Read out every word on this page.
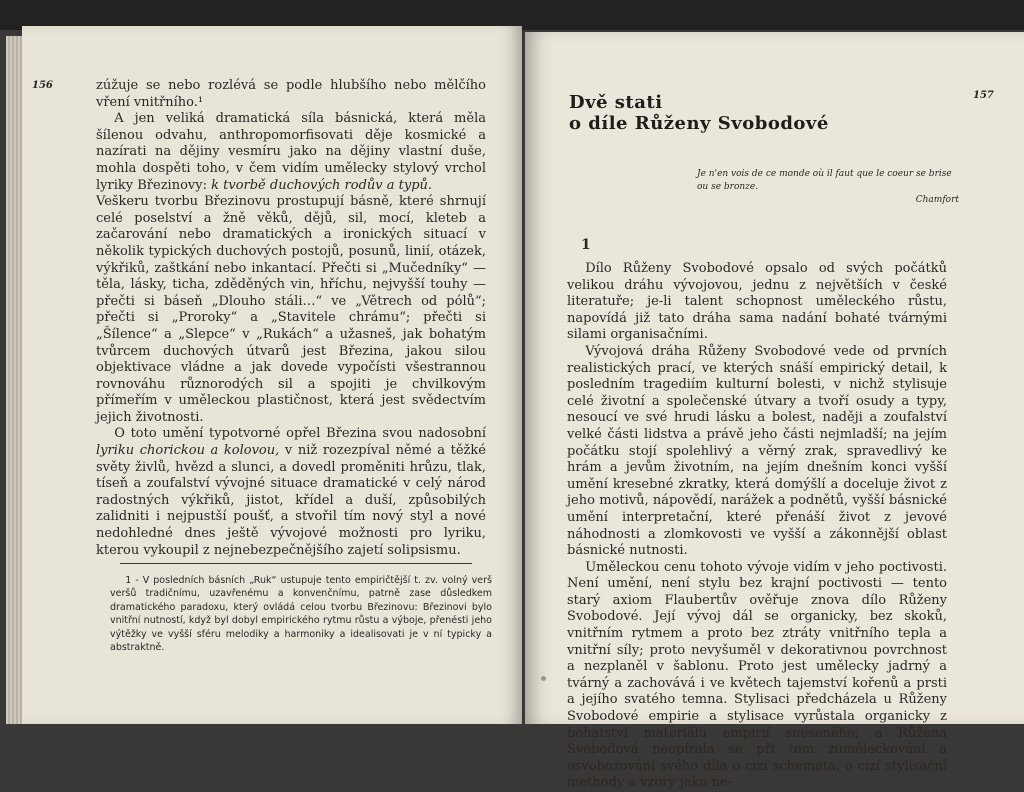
156	zúžuje se nebo rozlévá se podle hlubšího nebo mělčího vření vnitřního.¹

A jen veliká dramatická síla básnická, která měla šílenou odvahu, anthropomorfisovati děje kosmické a nazírati na dějiny vesmíru jako na dějiny vlastní duše, mohla dospěti toho, v čem vidím umělecky stylový vrchol lyriky Březinovy: k tvorbě duchových rodův a typů.

Veškeru tvorbu Březinovu prostupují básně, které shrnují celé poselství a žně věků, dějů, sil, mocí, kleteb a začarování nebo dramatických a ironických situací v několik typických duchových postojů, posunů, linií, otázek, výkřiků, zaštkání nebo inkantací. Přečti si „Mučedníky“ — těla, lásky, ticha, zděděných vin, hříchu, nejvyšší touhy — přečti si báseň „Dlouho stáli…“ ve „Větrech od pólů“; přečti si „Proroky“ a „Stavitele chrámu“; přečti si „Šílence“ a „Slepce“ v „Rukách“ a užasneš, jak bohatým tvůrcem duchových útvarů jest Březina, jakou silou objektivace vládne a jak dovede vypočísti všestrannou rovnováhu různorodých sil a spojiti je chvilkovým přímeřím v uměleckou plastičnost, která jest svědectvím jejich životnosti.

O toto umění typotvorné opřel Březina svou nadosobní lyriku chorickou a kolovou, v niž rozezpíval němé a těžké světy živlů, hvězd a slunci, a dovedl proměniti hrůzu, tlak, tíseň a zoufalství vývojné situace dramatické v celý národ radostných výkřiků, jistot, křídel a duší, způsobilých zalidniti i nejpustší poušť, a stvořil tím nový styl a nové nedohledné dnes ještě vývojové možnosti pro lyriku, kterou vykoupil z nejnebezpečnějšího zajetí solipsismu.

1 - V posledních básních „Ruk“ ustupuje tento empiričtější t. zv. volný verš veršů tradičnímu, uzavřenému a konvenčnímu, patrně zase důsledkem dramatického paradoxu, který ovládá celou tvorbu Březinovu: Březinovi bylo vnitřní nutností, když byl dobyl empirického rytmu růstu a výboje, přenésti jeho výtěžky ve vyšší sféru melodiky a harmoniky a idealisovati je v ní typicky a abstraktně.

Dvě stati
o díle Růženy Svobodové
157
Je n'en vois de ce monde où il faut que le coeur se brise ou se bronze.
Chamfort
1

Dílo Růženy Svobodové opsalo od svých počátků velikou dráhu vývojovou, jednu z největších v české literatuře; je-li talent schopnost uměleckého růstu, napovídá již tato dráha sama nadání bohaté tvárnými silami organisačními.

Vývojová dráha Růženy Svobodové vede od prvních realistických prací, ve kterých snáší empirický detail, k posledním tragediím kulturní bolesti, v nichž stylisuje celé životní a společenské útvary a tvoří osudy a typy, nesoucí ve své hrudi lásku a bolest, naději a zoufalství velké části lidstva a právě jeho části nejmladší; na jejím počátku stojí spolehlivý a věrný zrak, spravedlivý ke hrám a jevům životním, na jejím dnešním konci vyšší umění kresebné zkratky, která domýšlí a doceluje život z jeho motivů, nápovědí, narážek a podnětů, vyšší básnické umění interpretační, které přenáší život z jevové náhodnosti a zlomkovosti ve vyšší a zákonnější oblast básnické nutnosti.

Uměleckou cenu tohoto vývoje vidím v jeho poctivosti. Není umění, není stylu bez krajní poctivosti — tento starý axiom Flaubertův ověřuje znova dílo Růženy Svobodové. Její vývoj dál se organicky, bez skoků, vnitřním rytmem a proto bez ztráty vnitřního tepla a vnitřní síly; proto nevyšuměl v dekorativnou povrchnost a nezplaněl v šablonu. Proto jest umělecky jadrný a tvárný a zachovává i ve květech tajemství kořenů a prsti a jejího svatého temna. Stylisaci předcházela u Růženy Svobodové empirie a stylisace vyrůstala organicky z bohatství materiálu empirií sneseného; a Růžena Svobodová neopírala se při tom zuměleckování a osvobozování svého díla o cizí schemata, o cizí stylisační methody a vzory jako ne-
